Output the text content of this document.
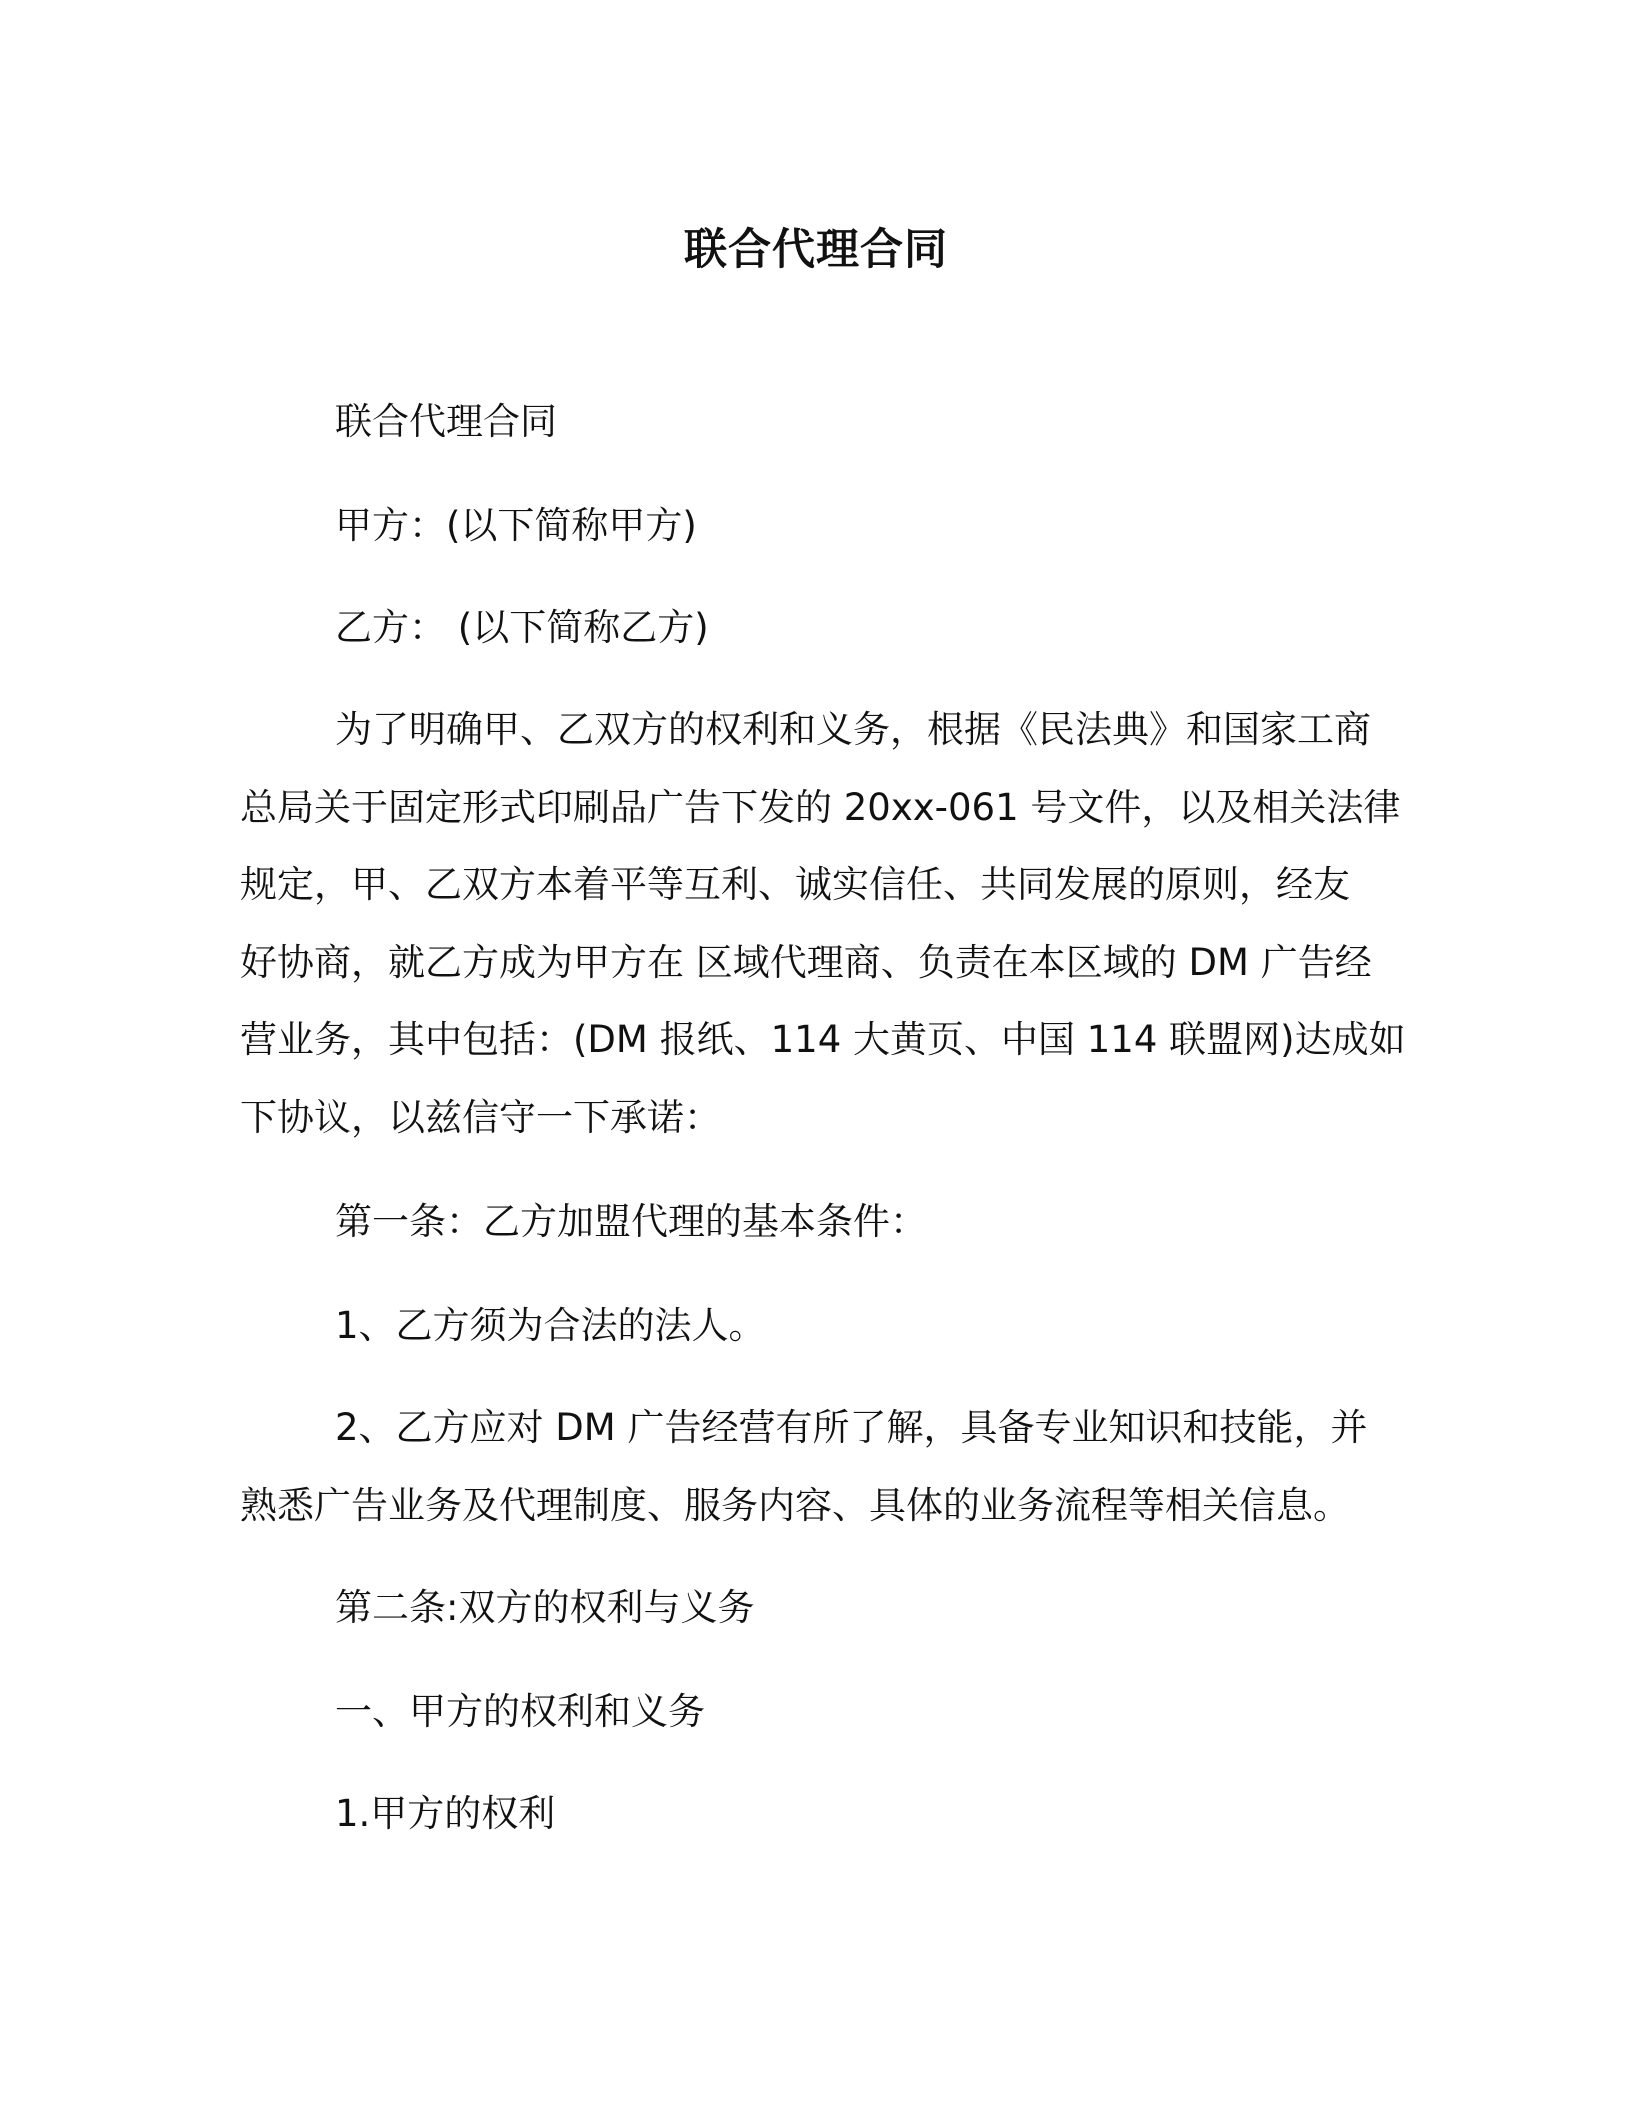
联合代理合同

联合代理合同

甲方：(以下简称甲方)

乙方： (以下简称乙方)

为了明确甲、乙双方的权利和义务，根据《民法典》和国家工商

总局关于固定形式印刷品广告下发的 20xx-061 号文件，以及相关法律

规定，甲、乙双方本着平等互利、诚实信任、共同发展的原则，经友

好协商，就乙方成为甲方在 区域代理商、负责在本区域的 DM 广告经

营业务，其中包括：(DM 报纸、114 大黄页、中国 114 联盟网)达成如

下协议，以兹信守一下承诺：

第一条：乙方加盟代理的基本条件：

1、乙方须为合法的法人。

2、乙方应对 DM 广告经营有所了解，具备专业知识和技能，并

熟悉广告业务及代理制度、服务内容、具体的业务流程等相关信息。

第二条:双方的权利与义务

一、甲方的权利和义务

1.甲方的权利
